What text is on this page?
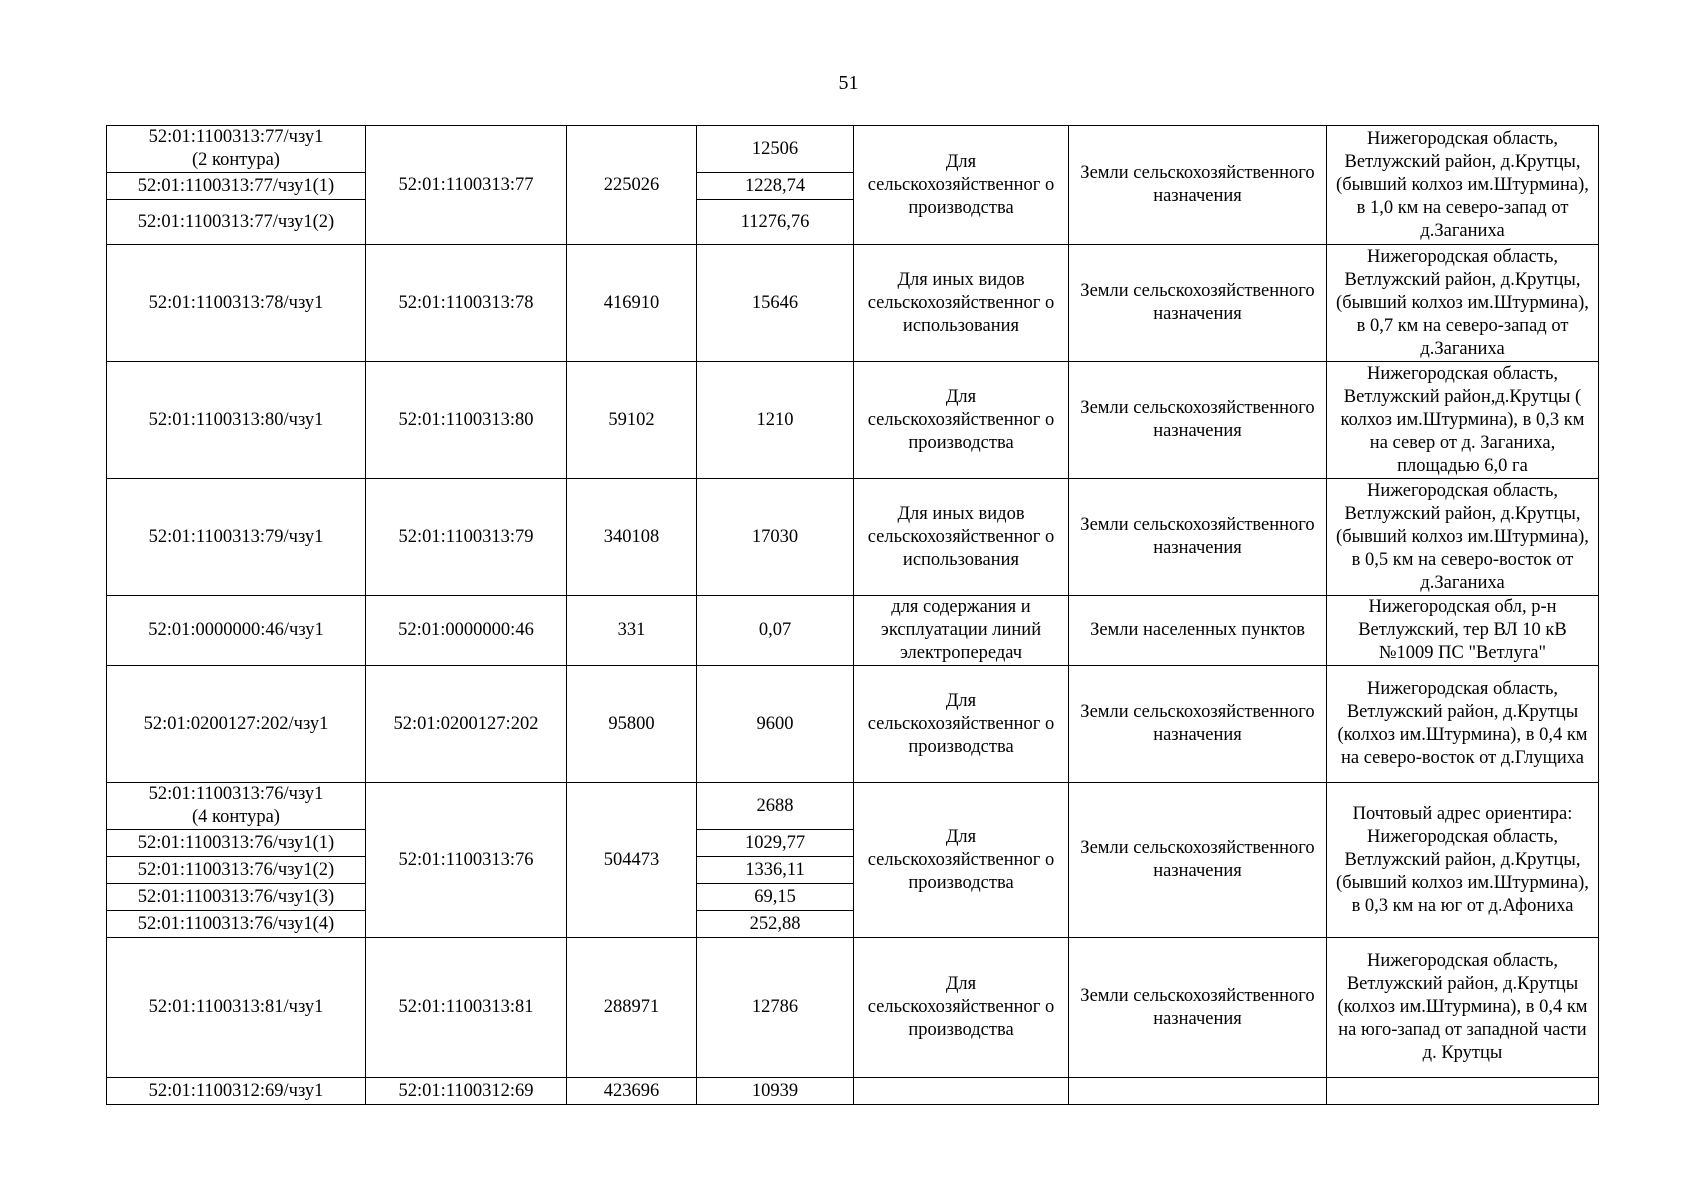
51
52:01:1100313:77/чзу1
(2 контура)	52:01:1100313:77	225026	12506	Для сельскохозяйственног о производства	Земли сельскохозяйственного назначения	Нижегородская область, Ветлужский район, д.Крутцы,(бывший колхоз им.Штурмина), в 1,0 км на северо-запад от д.Заганиха
52:01:1100313:77/чзу1(1)			1228,74			
52:01:1100313:77/чзу1(2)			11276,76			
52:01:1100313:78/чзу1	52:01:1100313:78	416910	15646	Для иных видов сельскохозяйственног о использования	Земли сельскохозяйственного назначения	Нижегородская область, Ветлужский район, д.Крутцы,(бывший колхоз им.Штурмина), в 0,7 км на северо-запад от д.Заганиха
52:01:1100313:80/чзу1	52:01:1100313:80	59102	1210	Для сельскохозяйственног о производства	Земли сельскохозяйственного назначения	Нижегородская область, Ветлужский район,д.Крутцы ( колхоз им.Штурмина), в 0,3 км на север от д. Заганиха, площадью 6,0 га
52:01:1100313:79/чзу1	52:01:1100313:79	340108	17030	Для иных видов сельскохозяйственног о использования	Земли сельскохозяйственного назначения	Нижегородская область, Ветлужский район, д.Крутцы,(бывший колхоз им.Штурмина), в 0,5 км на северо-восток от д.Заганиха
52:01:0000000:46/чзу1	52:01:0000000:46	331	0,07	для содержания и эксплуатации линий электропередач	Земли населенных пунктов	Нижегородская обл, р-н Ветлужский, тер ВЛ 10 кВ №1009 ПС "Ветлуга"
52:01:0200127:202/чзу1	52:01:0200127:202	95800	9600	Для сельскохозяйственног о производства	Земли сельскохозяйственного назначения	Нижегородская область, Ветлужский район, д.Крутцы (колхоз им.Штурмина), в 0,4 км на северо-восток от д.Глущиха
52:01:1100313:76/чзу1
(4 контура)	52:01:1100313:76	504473	2688	Для сельскохозяйственног о производства	Земли сельскохозяйственного назначения	Почтовый адрес ориентира: Нижегородская область, Ветлужский район, д.Крутцы,(бывший колхоз им.Штурмина), в 0,3 км на юг от д.Афониха
52:01:1100313:76/чзу1(1)			1029,77			
52:01:1100313:76/чзу1(2)			1336,11			
52:01:1100313:76/чзу1(3)			69,15			
52:01:1100313:76/чзу1(4)			252,88			
52:01:1100313:81/чзу1	52:01:1100313:81	288971	12786	Для сельскохозяйственног о производства	Земли сельскохозяйственного назначения	Нижегородская область, Ветлужский район, д.Крутцы (колхоз им.Штурмина), в 0,4 км на юго-запад от западной части д. Крутцы
52:01:1100312:69/чзу1	52:01:1100312:69	423696	10939			
